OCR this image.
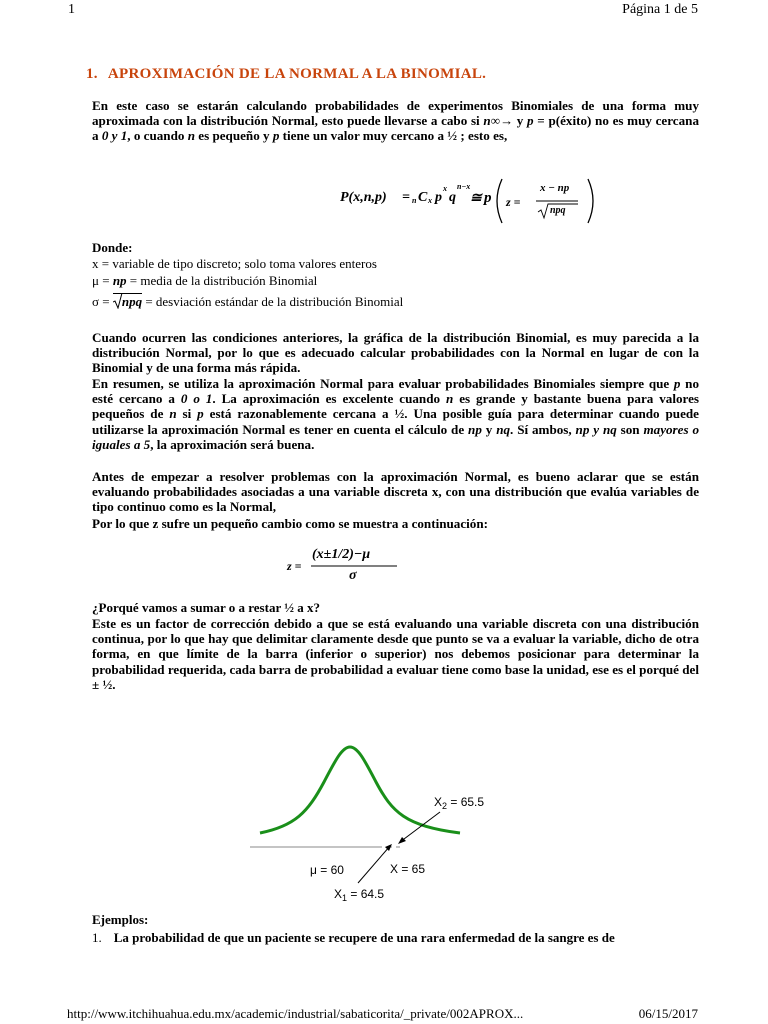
1	Página 1 de 5
1. APROXIMACIÓN DE LA NORMAL A LA BINOMIAL.
En este caso se estarán calculando probabilidades de experimentos Binomiales de una forma muy aproximada con la distribución Normal, esto puede llevarse a cabo si n∞→ y p = p(éxito) no es muy cercana a 0 y 1, o cuando n es pequeño y p tiene un valor muy cercano a ½ ; esto es,
P(x,n,p) = n C x p
x
q
n−x
≅ p z =
x − np
npq
Donde:
x = variable de tipo discreto; solo toma valores enteros
μ = np = media de la distribución Binomial
σ =
npq = desviación estándar de la distribución Binomial
Cuando ocurren las condiciones anteriores, la gráfica de la distribución Binomial, es muy parecida a la distribución Normal, por lo que es adecuado calcular probabilidades con la Normal en lugar de con la Binomial y de una forma más rápida.
En resumen, se utiliza la aproximación Normal para evaluar probabilidades Binomiales siempre que p no esté cercano a 0 o 1. La aproximación es excelente cuando n es grande y bastante buena para valores pequeños de n si p está razonablemente cercana a ½. Una posible guía para determinar cuando puede utilizarse la aproximación Normal es tener en cuenta el cálculo de np y nq. Sí ambos, np y nq son mayores o iguales a 5, la aproximación será buena.
Antes de empezar a resolver problemas con la aproximación Normal, es bueno aclarar que se están evaluando probabilidades asociadas a una variable discreta x, con una distribución que evalúa variables de tipo continuo como es la Normal,
Por lo que z sufre un pequeño cambio como se muestra a continuación:
z =
(x±1/2)−μ
σ
¿Porqué vamos a sumar o a restar ½ a x?
Este es un factor de corrección debido a que se está evaluando una variable discreta con una distribución continua, por lo que hay que delimitar claramente desde que punto se va a evaluar la variable, dicho de otra forma, en que límite de la barra (inferior o superior) nos debemos posicionar para determinar la probabilidad requerida, cada barra de probabilidad a evaluar tiene como base la unidad, ese es el porqué del ± ½.
$X_2 = 65.5$
μ = 60	X = 65
$X_1 = 64.5$
Ejemplos:
1. La probabilidad de que un paciente se recupere de una rara enfermedad de la sangre es de
http://www.itchihuahua.edu.mx/academic/industrial/sabaticorita/_private/002APROX...	06/15/2017
